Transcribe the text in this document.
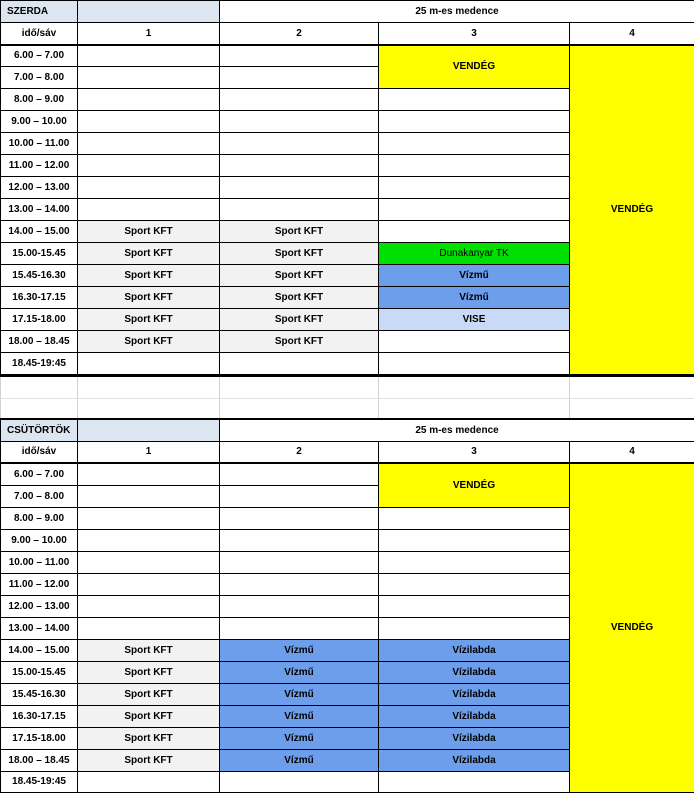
SZERDA		25 m-es medence		
idő/sáv	1	2	3	4
6.00 – 7.00			VENDÉG	VENDÉG
7.00 – 8.00				
8.00 – 9.00				
9.00 – 10.00				
10.00 – 11.00				
11.00 – 12.00				
12.00 – 13.00				
13.00 – 14.00				
14.00 – 15.00	Sport KFT	Sport KFT		
15.00-15.45	Sport KFT	Sport KFT	Dunakanyar TK	
15.45-16.30	Sport KFT	Sport KFT	Vízmű	
16.30-17.15	Sport KFT	Sport KFT	Vízmű	
17.15-18.00	Sport KFT	Sport KFT	VISE	
18.00 – 18.45	Sport KFT	Sport KFT		
18.45-19:45				

CSÜTÖRTÖK		25 m-es medence		
idő/sáv	1	2	3	4
6.00 – 7.00			VENDÉG	VENDÉG
7.00 – 8.00				
8.00 – 9.00				
9.00 – 10.00				
10.00 – 11.00				
11.00 – 12.00				
12.00 – 13.00				
13.00 – 14.00				
14.00 – 15.00	Sport KFT	Vízmű	Vízilabda	
15.00-15.45	Sport KFT	Vízmű	Vízilabda	
15.45-16.30	Sport KFT	Vízmű	Vízilabda	
16.30-17.15	Sport KFT	Vízmű	Vízilabda	
17.15-18.00	Sport KFT	Vízmű	Vízilabda	
18.00 – 18.45	Sport KFT	Vízmű	Vízilabda	
18.45-19:45				
